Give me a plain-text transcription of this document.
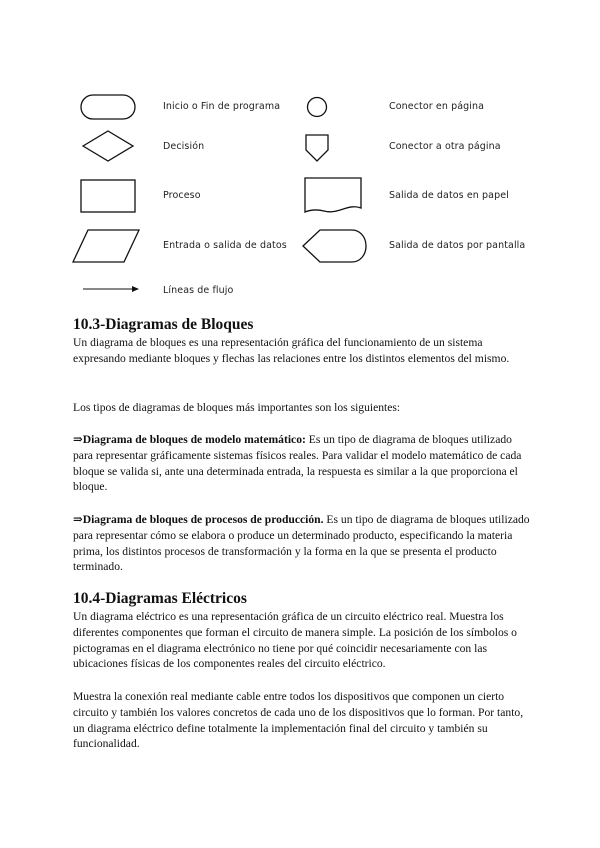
Inicio o Fin de programa
Decisión
Proceso
Entrada o salida de datos
Líneas de flujo
Conector en página
Conector a otra página
Salida de datos en papel
Salida de datos por pantalla
10.3-Diagramas de Bloques

Un diagrama de bloques es una representación gráfica del funcionamiento de un sistema expresando mediante bloques y flechas las relaciones entre los distintos elementos del mismo.

Los tipos de diagramas de bloques más importantes son los siguientes:

⇒Diagrama de bloques de modelo matemático: Es un tipo de diagrama de bloques utilizado para representar gráficamente sistemas físicos reales. Para validar el modelo matemático de cada bloque se valida si, ante una determinada entrada, la respuesta es similar a la que proporciona el bloque.

⇒Diagrama de bloques de procesos de producción. Es un tipo de diagrama de bloques utilizado para representar cómo se elabora o produce un determinado producto, especificando la materia prima, los distintos procesos de transformación y la forma en la que se presenta el producto terminado.

10.4-Diagramas Eléctricos

Un diagrama eléctrico es una representación gráfica de un circuito eléctrico real. Muestra los diferentes componentes que forman el circuito de manera simple. La posición de los símbolos o pictogramas en el diagrama electrónico no tiene por qué coincidir necesariamente con las ubicaciones físicas de los componentes reales del circuito eléctrico.

Muestra la conexión real mediante cable entre todos los dispositivos que componen un cierto circuito y también los valores concretos de cada uno de los dispositivos que lo forman. Por tanto, un diagrama eléctrico define totalmente la implementación final del circuito y también su funcionalidad.
